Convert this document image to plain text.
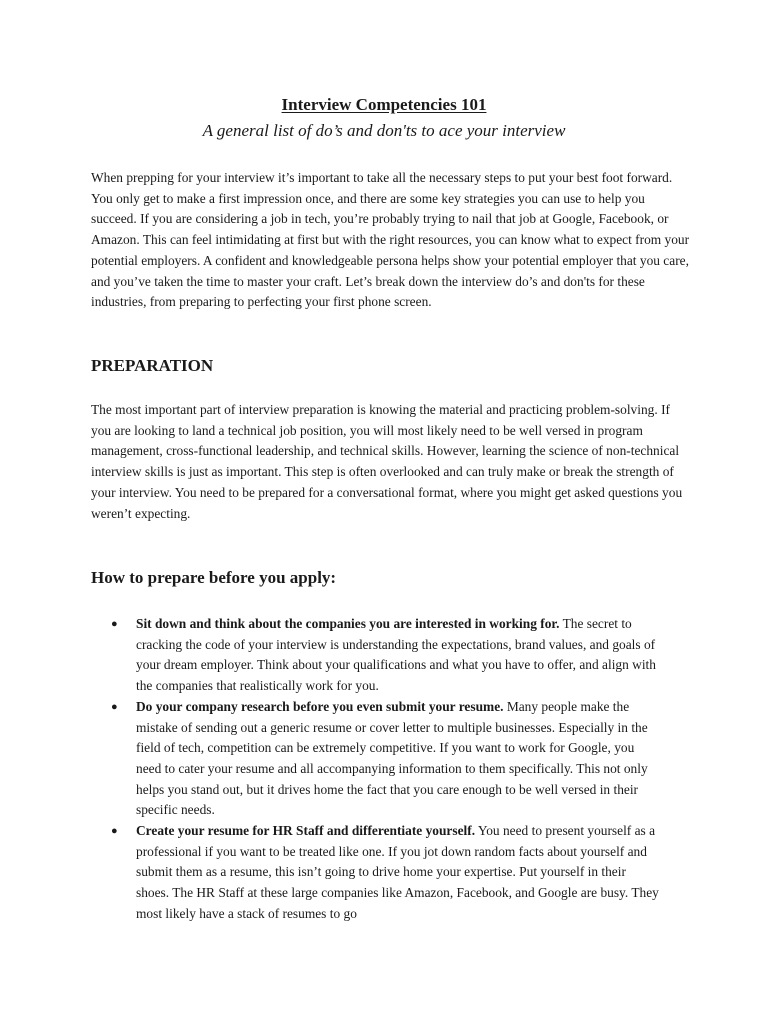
Interview Competencies 101
A general list of do’s and don'ts to ace your interview

When prepping for your interview it’s important to take all the necessary steps to put your best foot forward. You only get to make a first impression once, and there are some key strategies you can use to help you succeed. If you are considering a job in tech, you’re probably trying to nail that job at Google, Facebook, or Amazon. This can feel intimidating at first but with the right resources, you can know what to expect from your potential employers. A confident and knowledgeable persona helps show your potential employer that you care, and you’ve taken the time to master your craft. Let’s break down the interview do’s and don'ts for these industries, from preparing to perfecting your first phone screen.

PREPARATION

The most important part of interview preparation is knowing the material and practicing problem-solving. If you are looking to land a technical job position, you will most likely need to be well versed in program management, cross-functional leadership, and technical skills. However, learning the science of non-technical interview skills is just as important. This step is often overlooked and can truly make or break the strength of your interview. You need to be prepared for a conversational format, where you might get asked questions you weren’t expecting.

How to prepare before you apply:
● Sit down and think about the companies you are interested in working for. The secret to cracking the code of your interview is understanding the expectations, brand values, and goals of your dream employer. Think about your qualifications and what you have to offer, and align with the companies that realistically work for you.
● Do your company research before you even submit your resume. Many people make the mistake of sending out a generic resume or cover letter to multiple businesses. Especially in the field of tech, competition can be extremely competitive. If you want to work for Google, you need to cater your resume and all accompanying information to them specifically. This not only helps you stand out, but it drives home the fact that you care enough to be well versed in their specific needs.
● Create your resume for HR Staff and differentiate yourself. You need to present yourself as a professional if you want to be treated like one. If you jot down random facts about yourself and submit them as a resume, this isn’t going to drive home your expertise. Put yourself in their shoes. The HR Staff at these large companies like Amazon, Facebook, and Google are busy. They most likely have a stack of resumes to go
